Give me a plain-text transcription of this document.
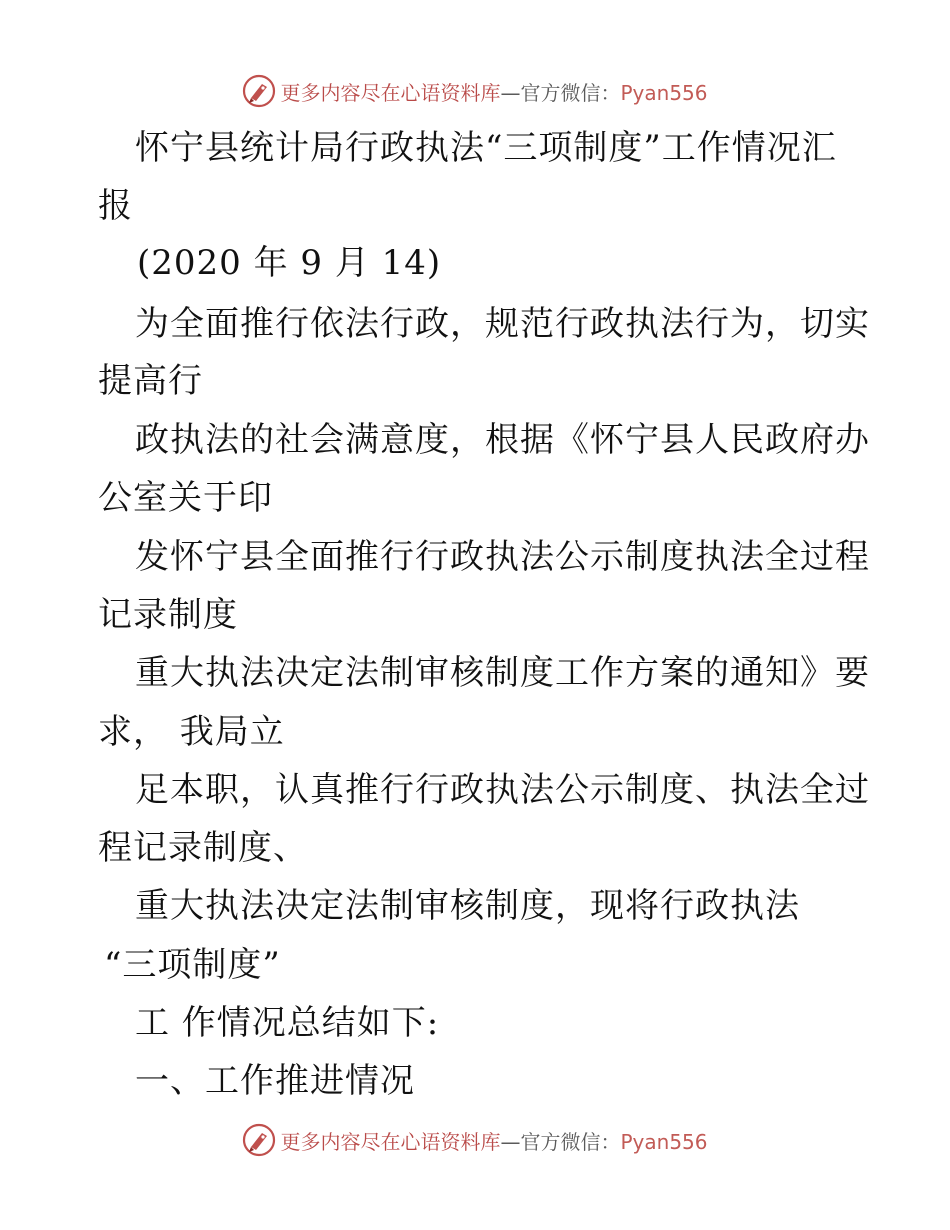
更多内容尽在心语资料库—官方微信：Pyan556
怀宁县统计局行政执法“三项制度”工作情况汇
报
(2020 年 9 月 14)
为全面推行依法行政，规范行政执法行为，切实
提高行
政执法的社会满意度，根据《怀宁县人民政府办
公室关于印
发怀宁县全面推行行政执法公示制度执法全过程
记录制度
重大执法决定法制审核制度工作方案的通知》要
求， 我局立
足本职，认真推行行政执法公示制度、执法全过
程记录制度、
重大执法决定法制审核制度，现将行政执法
“三项制度”
工 作情况总结如下:
一、工作推进情况
更多内容尽在心语资料库—官方微信：Pyan556
